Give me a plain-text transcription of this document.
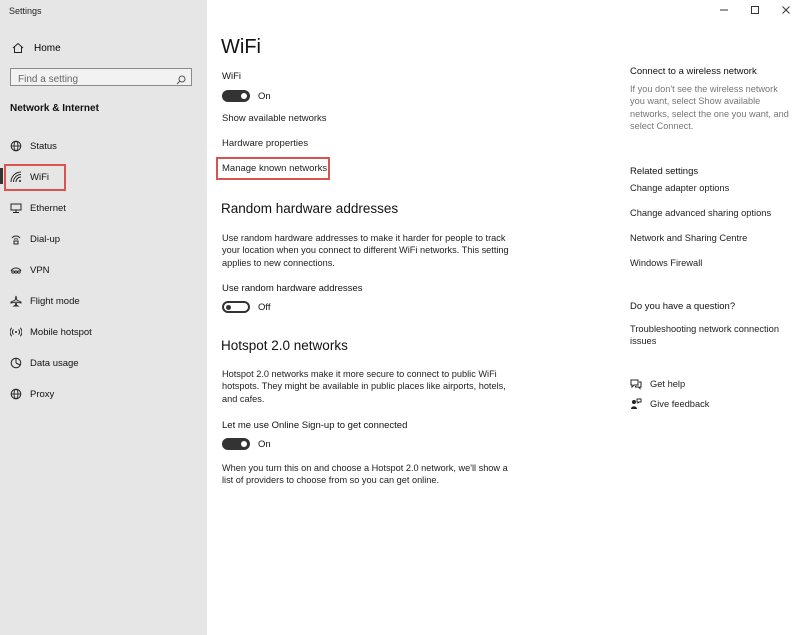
Settings
Home
Find a setting
Network & Internet
Status
WiFi
Ethernet
Dial-up
VPN
Flight mode
Mobile hotspot
Data usage
Proxy
WiFi
WiFi
On
Show available networks
Hardware properties
Manage known networks
Random hardware addresses

Use random hardware addresses to make it harder for people to track your location when you connect to different WiFi networks. This setting applies to new connections.

Use random hardware addresses
Off
Hotspot 2.0 networks

Hotspot 2.0 networks make it more secure to connect to public WiFi hotspots. They might be available in public places like airports, hotels, and cafes.

Let me use Online Sign-up to get connected
On

When you turn this on and choose a Hotspot 2.0 network, we'll show a list of providers to choose from so you can get online.

Connect to a wireless network

If you don't see the wireless network you want, select Show available networks, select the one you want, and select Connect.

Related settings
Change adapter options
Change advanced sharing options
Network and Sharing Centre
Windows Firewall
Do you have a question?
Troubleshooting network connection issues
Get help
Give feedback
